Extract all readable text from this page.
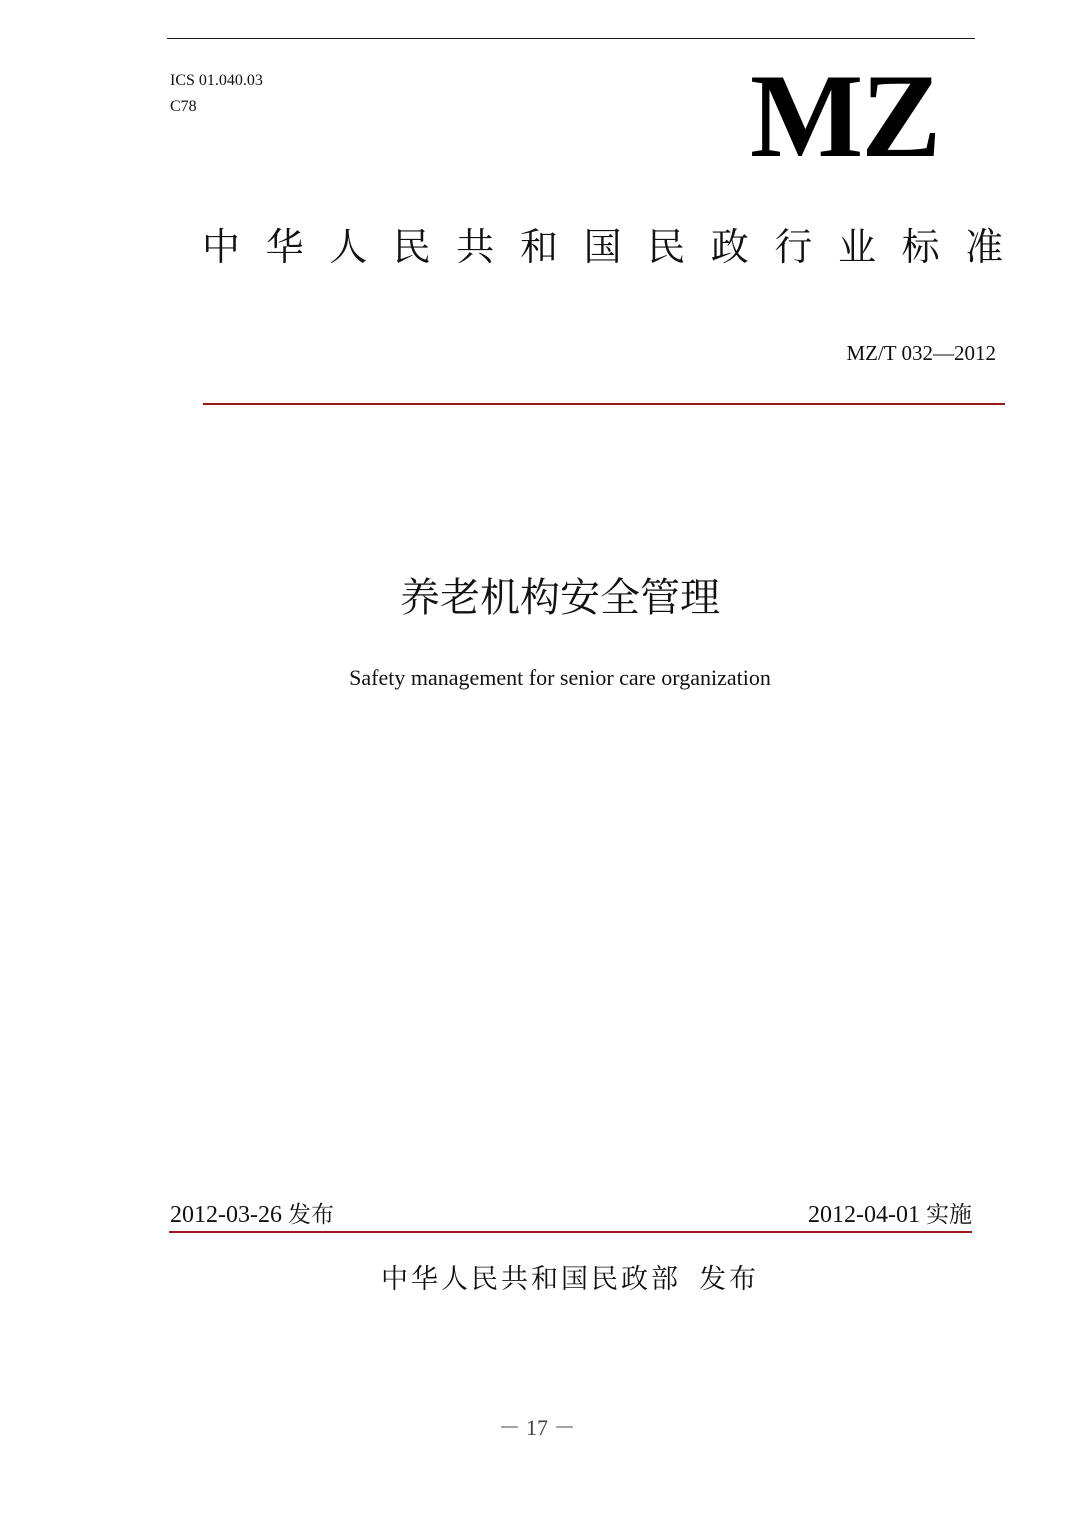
ICS 01.040.03
C78	MZ
中华人民共和国民政行业标准
MZ/T 032—2012
养老机构安全管理
Safety management for senior care organization
2012-03-26 发布	2012-04-01 实施
中华人民共和国民政部 发布
－ 17 －
